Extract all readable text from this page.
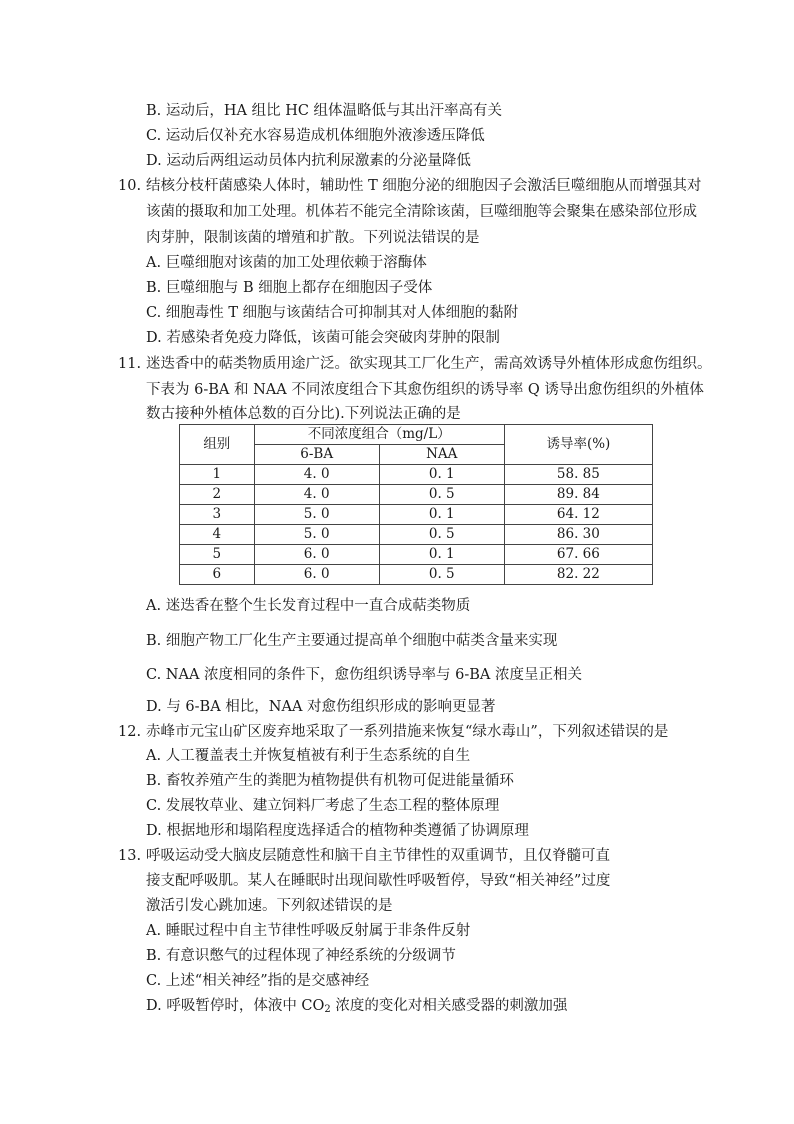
B. 运动后，HA 组比 HC 组体温略低与其出汗率高有关
C. 运动后仅补充水容易造成机体细胞外液渗透压降低
D. 运动后两组运动员体内抗利尿激素的分泌量降低
10. 结核分枝杆菌感染人体时，辅助性 T 细胞分泌的细胞因子会激活巨噬细胞从而增强其对
该菌的摄取和加工处理。机体若不能完全清除该菌，巨噬细胞等会聚集在感染部位形成
肉芽肿，限制该菌的增殖和扩散。下列说法错误的是
A. 巨噬细胞对该菌的加工处理依赖于溶酶体
B. 巨噬细胞与 B 细胞上都存在细胞因子受体
C. 细胞毒性 T 细胞与该菌结合可抑制其对人体细胞的黏附
D. 若感染者免疫力降低，该菌可能会突破肉芽肿的限制
11. 迷迭香中的萜类物质用途广泛。欲实现其工厂化生产，需高效诱导外植体形成愈伤组织。
下表为 6-BA 和 NAA 不同浓度组合下其愈伤组织的诱导率 Q 诱导出愈伤组织的外植体
数古接种外植体总数的百分比).下列说法正确的是
组别	不同浓度组合（mg/L）		诱导率(%)
	6-BA	NAA	
1	4. 0	0. 1	58. 85
2	4. 0	0. 5	89. 84
3	5. 0	0. 1	64. 12
4	5. 0	0. 5	86. 30
5	6. 0	0. 1	67. 66
6	6. 0	0. 5	82. 22
A. 迷迭香在整个生长发育过程中一直合成萜类物质
B. 细胞产物工厂化生产主要通过提高单个细胞中萜类含量来实现
C. NAA 浓度相同的条件下，愈伤组织诱导率与 6-BA 浓度呈正相关
D. 与 6-BA 相比，NAA 对愈伤组织形成的影响更显著
12. 赤峰市元宝山矿区废弃地采取了一系列措施来恢复“绿水毒山”，下列叙述错误的是
A. 人工覆盖表土并恢复植被有利于生态系统的自生
B. 畜牧养殖产生的粪肥为植物提供有机物可促进能量循环
C. 发展牧草业、建立饲料厂考虑了生态工程的整体原理
D. 根据地形和塌陷程度选择适合的植物种类遵循了协调原理
13. 呼吸运动受大脑皮层随意性和脑干自主节律性的双重调节，且仅脊髓可直
接支配呼吸肌。某人在睡眠时出现间歇性呼吸暂停，导致“相关神经”过度
激活引发心跳加速。下列叙述错误的是
A. 睡眠过程中自主节律性呼吸反射属于非条件反射
B. 有意识憋气的过程体现了神经系统的分级调节
C. 上述“相关神经”指的是交感神经
D. 呼吸暂停时，体液中 $CO_2$ 浓度的变化对相关感受器的刺激加强
